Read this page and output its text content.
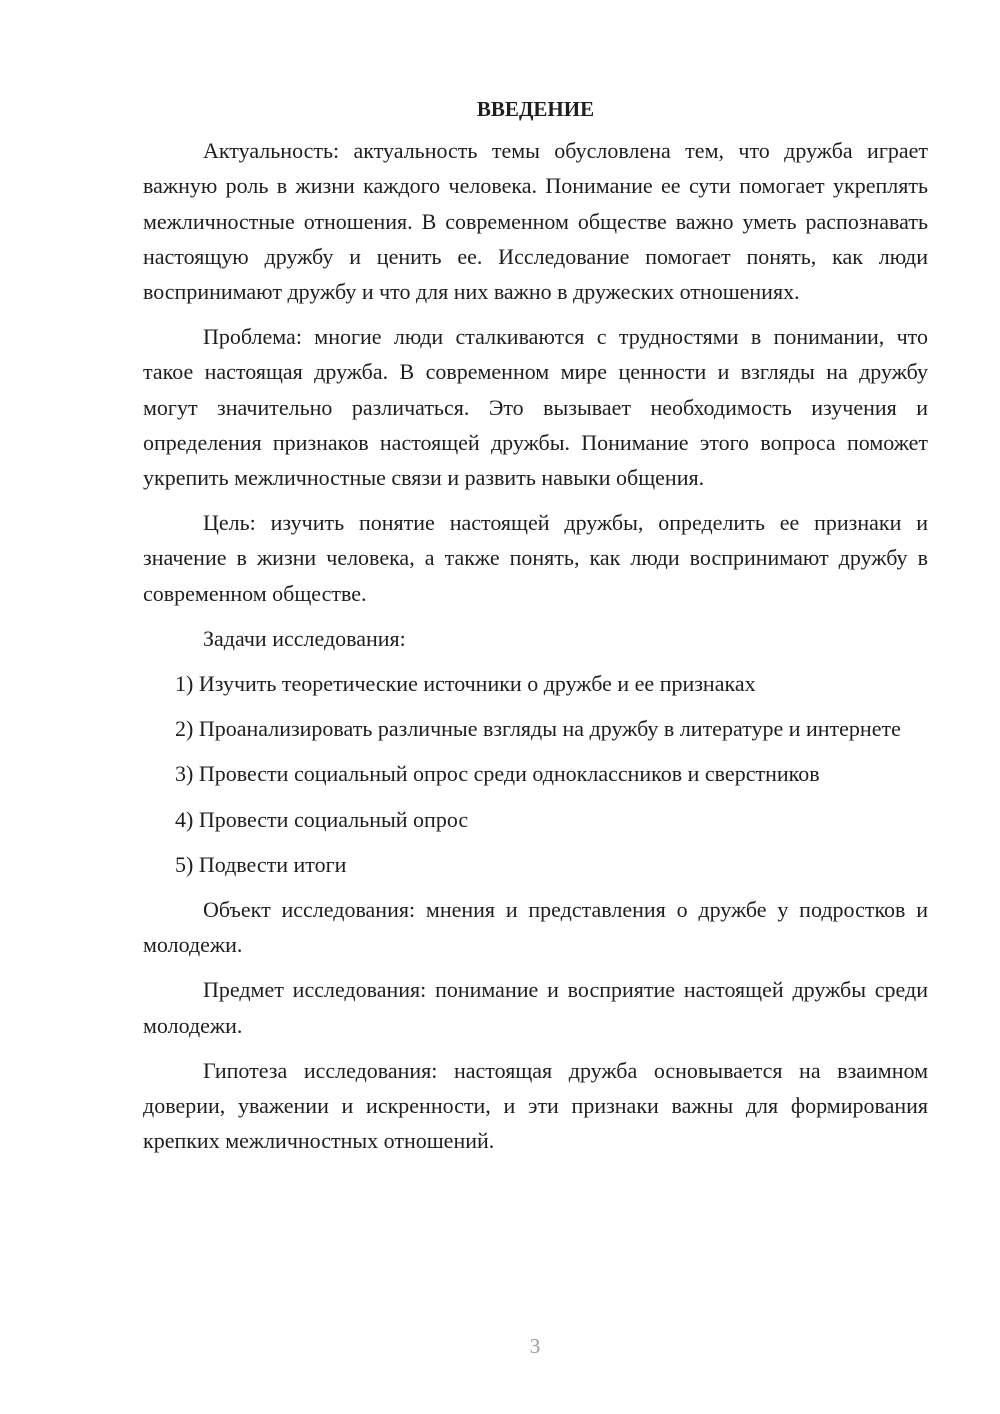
ВВЕДЕНИЕ

Актуальность: актуальность темы обусловлена тем, что дружба играет важную роль в жизни каждого человека. Понимание ее сути помогает укреплять межличностные отношения. В современном обществе важно уметь распознавать настоящую дружбу и ценить ее. Исследование помогает понять, как люди воспринимают дружбу и что для них важно в дружеских отношениях.

Проблема: многие люди сталкиваются с трудностями в понимании, что такое настоящая дружба. В современном мире ценности и взгляды на дружбу могут значительно различаться. Это вызывает необходимость изучения и определения признаков настоящей дружбы. Понимание этого вопроса поможет укрепить межличностные связи и развить навыки общения.

Цель: изучить понятие настоящей дружбы, определить ее признаки и значение в жизни человека, а также понять, как люди воспринимают дружбу в современном обществе.

Задачи исследования:

1) Изучить теоретические источники о дружбе и ее признаках

2) Проанализировать различные взгляды на дружбу в литературе и интернете

3) Провести социальный опрос среди одноклассников и сверстников

4) Провести социальный опрос

5) Подвести итоги

Объект исследования: мнения и представления о дружбе у подростков и молодежи.

Предмет исследования: понимание и восприятие настоящей дружбы среди молодежи.

Гипотеза исследования: настоящая дружба основывается на взаимном доверии, уважении и искренности, и эти признаки важны для формирования крепких межличностных отношений.

3
